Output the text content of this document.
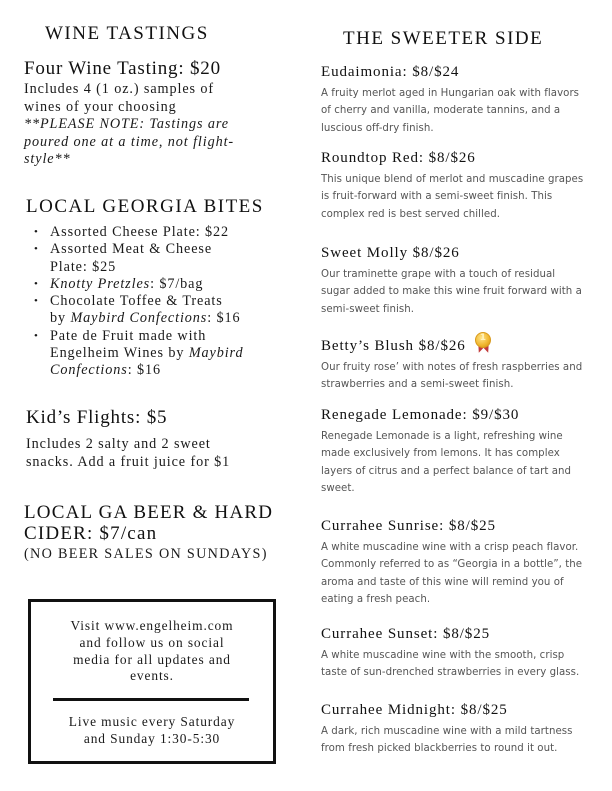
WINE TASTINGS
Four Wine Tasting: $20
Includes 4 (1 oz.) samples of
wines of your choosing
**PLEASE NOTE: Tastings are
poured one at a time, not flight-
style**
LOCAL GEORGIA BITES
• Assorted Cheese Plate: $22
• Assorted Meat & Cheese
Plate: $25
• Knotty Pretzles: $7/bag
• Chocolate Toffee & Treats
by Maybird Confections: $16
• Pate de Fruit made with
Engelheim Wines by Maybird
Confections: $16
Kid’s Flights: $5
Includes 2 salty and 2 sweet
snacks. Add a fruit juice for $1
LOCAL GA BEER & HARD
CIDER: $7/can
(NO BEER SALES ON SUNDAYS)
Visit www.engelheim.com
and follow us on social
media for all updates and
events.
Live music every Saturday
and Sunday 1:30-5:30
THE SWEETER SIDE
Eudaimonia: $8/$24
A fruity merlot aged in Hungarian oak with flavors
of cherry and vanilla, moderate tannins, and a
luscious off-dry finish.
Roundtop Red: $8/$26
This unique blend of merlot and muscadine grapes
is fruit-forward with a semi-sweet finish. This
complex red is best served chilled.
Sweet Molly $8/$26
Our traminette grape with a touch of residual
sugar added to make this wine fruit forward with a
semi-sweet finish.
Betty’s Blush $8/$26	1
Our fruity rose’ with notes of fresh raspberries and
strawberries and a semi-sweet finish.
Renegade Lemonade: $9/$30
Renegade Lemonade is a light, refreshing wine
made exclusively from lemons. It has complex
layers of citrus and a perfect balance of tart and
sweet.
Currahee Sunrise: $8/$25
A white muscadine wine with a crisp peach flavor.
Commonly referred to as “Georgia in a bottle”, the
aroma and taste of this wine will remind you of
eating a fresh peach.
Currahee Sunset: $8/$25
A white muscadine wine with the smooth, crisp
taste of sun-drenched strawberries in every glass.
Currahee Midnight: $8/$25
A dark, rich muscadine wine with a mild tartness
from fresh picked blackberries to round it out.
